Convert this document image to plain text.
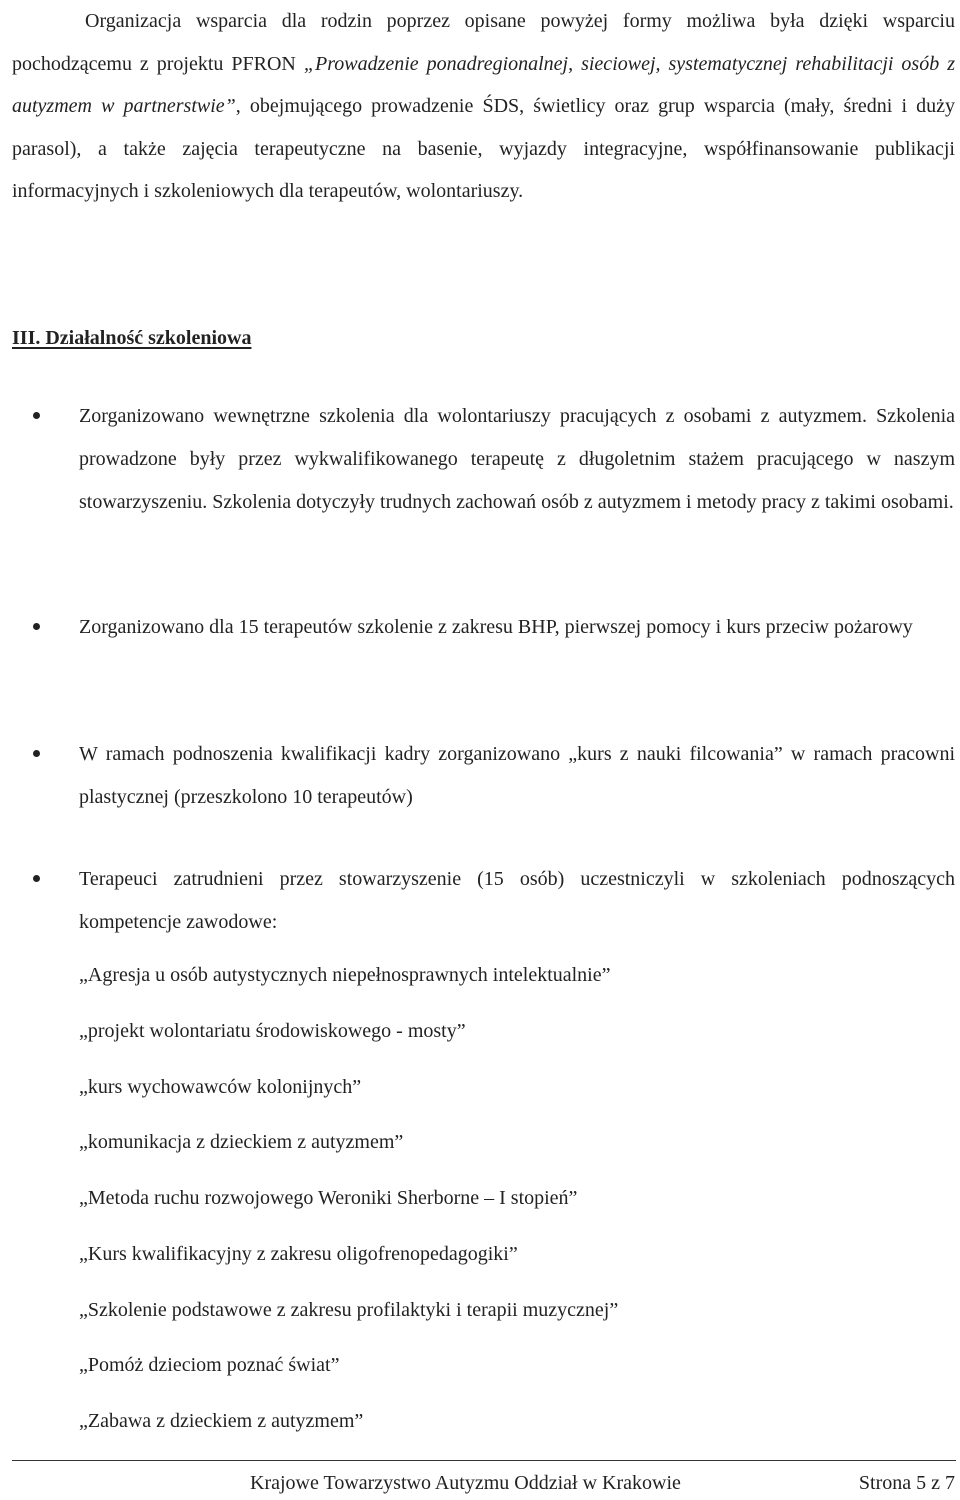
Organizacja wsparcia dla rodzin poprzez opisane powyżej formy możliwa była dzięki wsparciu pochodzącemu z projektu PFRON „Prowadzenie ponadregionalnej, sieciowej, systematycznej rehabilitacji osób z autyzmem w partnerstwie”, obejmującego prowadzenie ŚDS, świetlicy oraz grup wsparcia (mały, średni i duży parasol), a także zajęcia terapeutyczne na basenie, wyjazdy integracyjne, współfinansowanie publikacji informacyjnych i szkoleniowych dla terapeutów, wolontariuszy.

III. Działalność szkoleniowa
Zorganizowano wewnętrzne szkolenia dla wolontariuszy pracujących z osobami z autyzmem. Szkolenia prowadzone były przez wykwalifikowanego terapeutę z długoletnim stażem pracującego w naszym stowarzyszeniu. Szkolenia dotyczyły trudnych zachowań osób z autyzmem i metody pracy z takimi osobami.
Zorganizowano dla 15 terapeutów szkolenie z zakresu BHP, pierwszej pomocy i kurs przeciw pożarowy
W ramach podnoszenia kwalifikacji kadry zorganizowano „kurs z nauki filcowania” w ramach pracowni plastycznej (przeszkolono 10 terapeutów)
Terapeuci zatrudnieni przez stowarzyszenie (15 osób) uczestniczyli w szkoleniach podnoszących kompetencje zawodowe:
„Agresja u osób autystycznych niepełnosprawnych intelektualnie”
„projekt wolontariatu środowiskowego - mosty”
„kurs wychowawców kolonijnych”
„komunikacja z dzieckiem z autyzmem”
„Metoda ruchu rozwojowego Weroniki Sherborne – I stopień”
„Kurs kwalifikacyjny z zakresu oligofrenopedagogiki”
„Szkolenie podstawowe z zakresu profilaktyki i terapii muzycznej”
„Pomóż dzieciom poznać świat”
„Zabawa z dzieckiem z autyzmem”
Krajowe Towarzystwo Autyzmu Oddział w Krakowie	Strona 5 z 7
